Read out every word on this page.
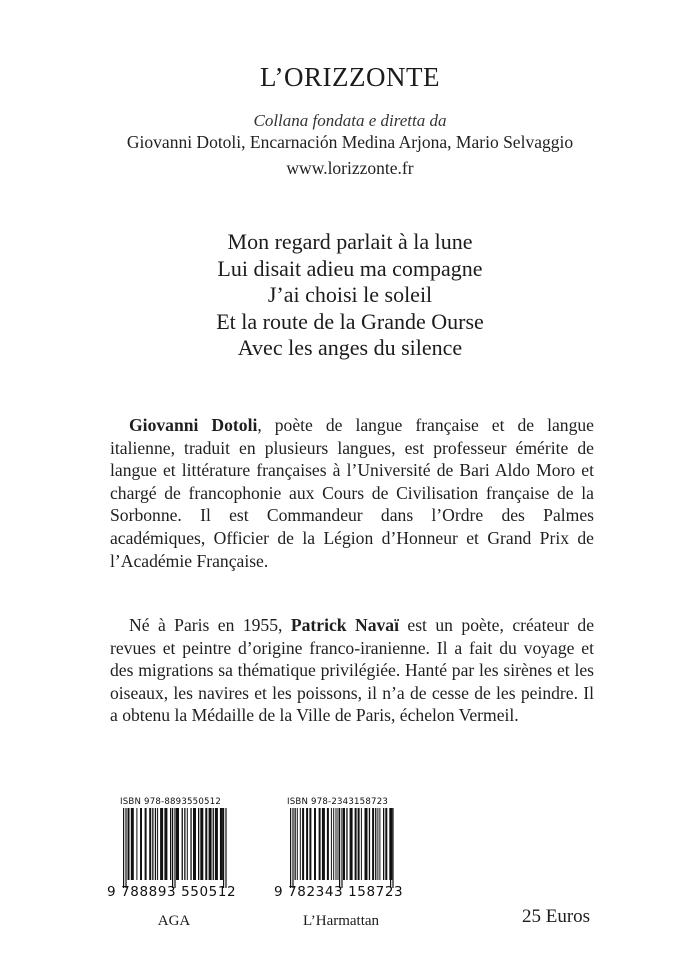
L’ORIZZONTE
Collana fondata e diretta da
Giovanni Dotoli, Encarnación Medina Arjona, Mario Selvaggio
www.lorizzonte.fr
Mon regard parlait à la lune
Lui disait adieu ma compagne
J’ai choisi le soleil
Et la route de la Grande Ourse
Avec les anges du silence
Giovanni Dotoli, poète de langue française et de langue italienne, traduit en plusieurs langues, est professeur émérite de langue et littérature françaises à l’Université de Bari Aldo Moro et chargé de francophonie aux Cours de Civilisation française de la Sorbonne. Il est Commandeur dans l’Ordre des Palmes académiques, Officier de la Légion d’Honneur et Grand Prix de l’Académie Française.
Né à Paris en 1955, Patrick Navaï est un poète, créateur de revues et peintre d’origine franco-iranienne. Il a fait du voyage et des migrations sa thématique privilégiée. Hanté par les sirènes et les oiseaux, les navires et les poissons, il n’a de cesse de les peindre. Il a obtenu la Médaille de la Ville de Paris, échelon Vermeil.
ISBN 978-8893550512
9 788893 550512
ISBN 978-2343158723
9 782343 158723
AGA	L’Harmattan	25 Euros
